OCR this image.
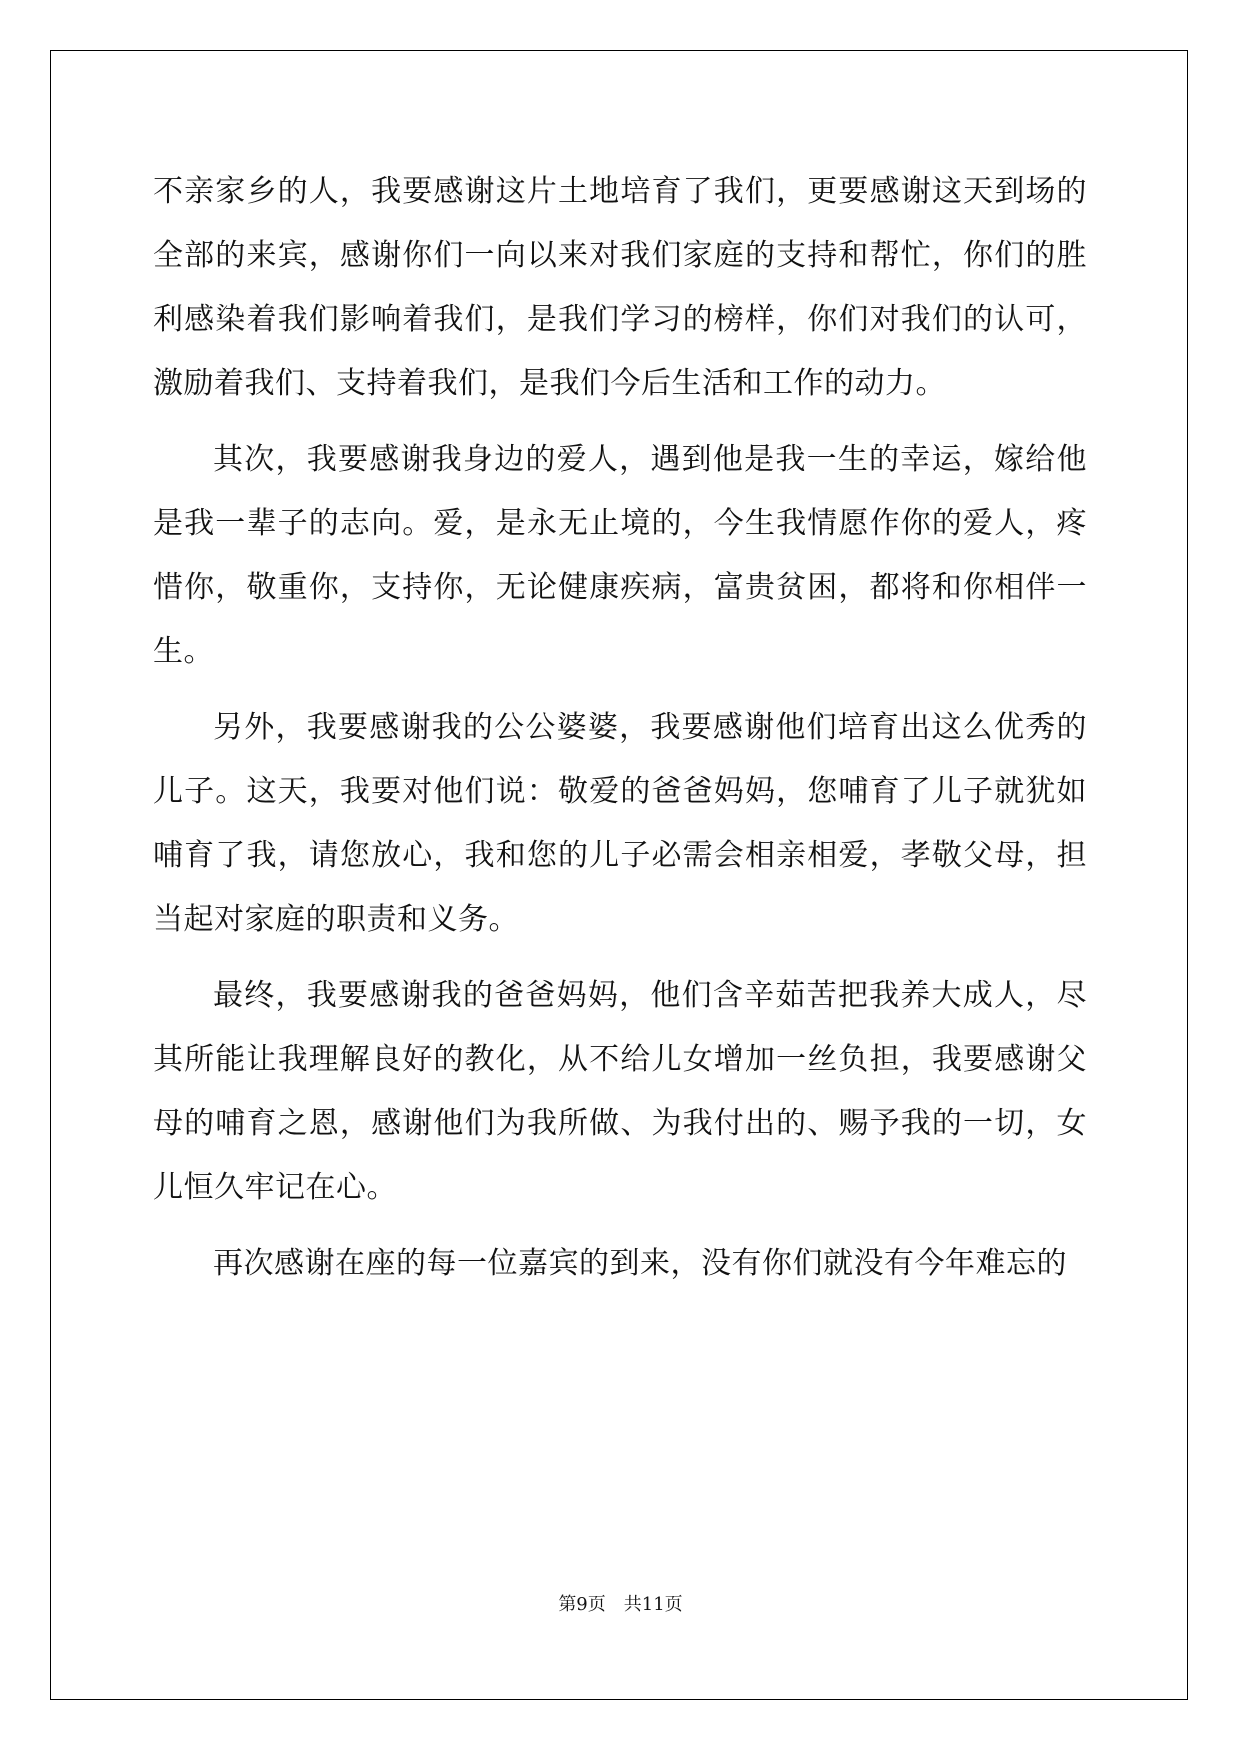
不亲家乡的人，我要感谢这片土地培育了我们，更要感谢这天到场的全部的来宾，感谢你们一向以来对我们家庭的支持和帮忙，你们的胜利感染着我们影响着我们，是我们学习的榜样，你们对我们的认可，激励着我们、支持着我们，是我们今后生活和工作的动力。

其次，我要感谢我身边的爱人，遇到他是我一生的幸运，嫁给他是我一辈子的志向。爱，是永无止境的，今生我情愿作你的爱人，疼惜你，敬重你，支持你，无论健康疾病，富贵贫困，都将和你相伴一生。

另外，我要感谢我的公公婆婆，我要感谢他们培育出这么优秀的儿子。这天，我要对他们说：敬爱的爸爸妈妈，您哺育了儿子就犹如哺育了我，请您放心，我和您的儿子必需会相亲相爱，孝敬父母，担当起对家庭的职责和义务。

最终，我要感谢我的爸爸妈妈，他们含辛茹苦把我养大成人，尽其所能让我理解良好的教化，从不给儿女增加一丝负担，我要感谢父母的哺育之恩，感谢他们为我所做、为我付出的、赐予我的一切，女儿恒久牢记在心。

再次感谢在座的每一位嘉宾的到来，没有你们就没有今年难忘的

第9页　共11页
